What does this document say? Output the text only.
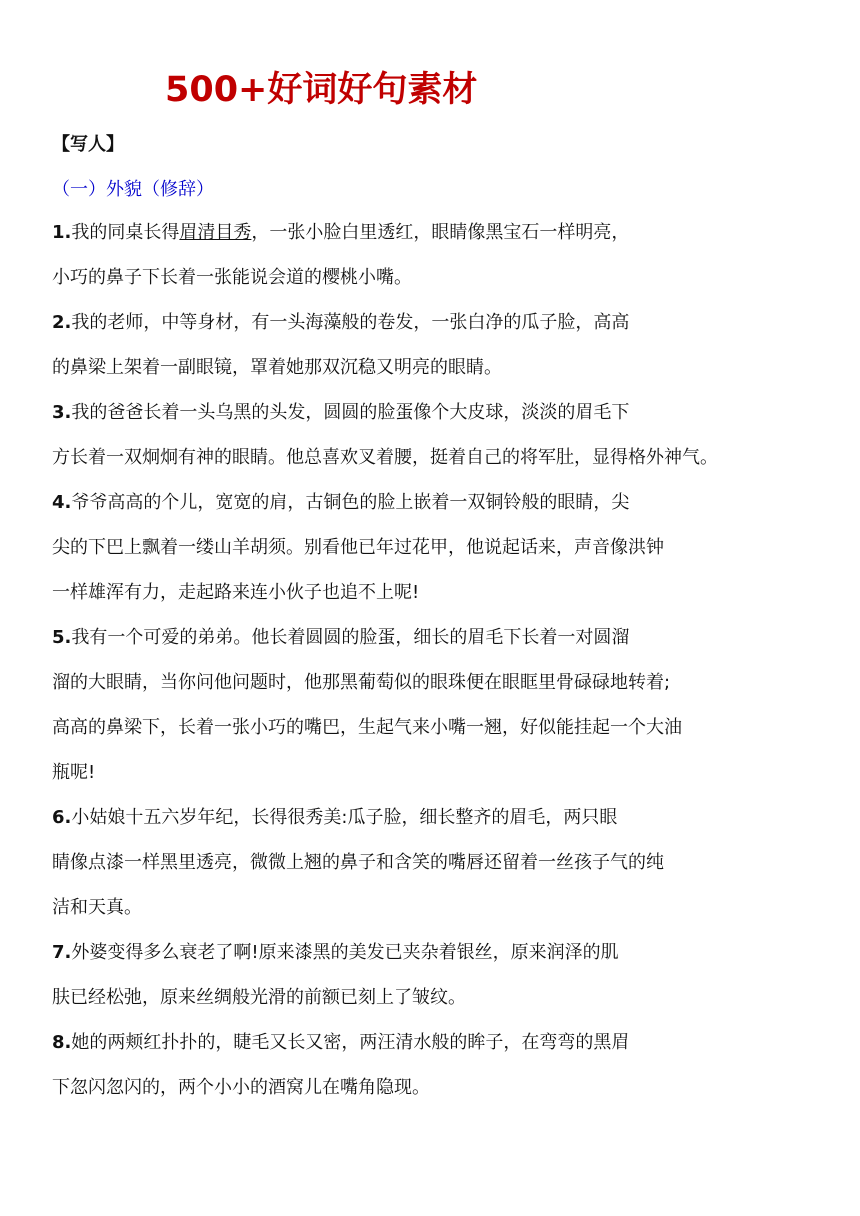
500+好词好句素材
【写人】
（一）外貌（修辞）
1.我的同桌长得眉清目秀，一张小脸白里透红，眼睛像黑宝石一样明亮，
小巧的鼻子下长着一张能说会道的樱桃小嘴。
2.我的老师，中等身材，有一头海藻般的卷发，一张白净的瓜子脸，高高
的鼻梁上架着一副眼镜，罩着她那双沉稳又明亮的眼睛。
3.我的爸爸长着一头乌黑的头发，圆圆的脸蛋像个大皮球，淡淡的眉毛下
方长着一双炯炯有神的眼睛。他总喜欢叉着腰，挺着自己的将军肚，显得格外神气。
4.爷爷高高的个儿，宽宽的肩，古铜色的脸上嵌着一双铜铃般的眼睛，尖
尖的下巴上飘着一缕山羊胡须。别看他已年过花甲，他说起话来，声音像洪钟
一样雄浑有力，走起路来连小伙子也追不上呢!
5.我有一个可爱的弟弟。他长着圆圆的脸蛋，细长的眉毛下长着一对圆溜
溜的大眼睛，当你问他问题时，他那黑葡萄似的眼珠便在眼眶里骨碌碌地转着;
高高的鼻梁下，长着一张小巧的嘴巴，生起气来小嘴一翘，好似能挂起一个大油
瓶呢!
6.小姑娘十五六岁年纪，长得很秀美:瓜子脸，细长整齐的眉毛，两只眼
睛像点漆一样黑里透亮，微微上翘的鼻子和含笑的嘴唇还留着一丝孩子气的纯
洁和天真。
7.外婆变得多么衰老了啊!原来漆黑的美发已夹杂着银丝，原来润泽的肌
肤已经松弛，原来丝绸般光滑的前额已刻上了皱纹。
8.她的两颊红扑扑的，睫毛又长又密，两汪清水般的眸子，在弯弯的黑眉
下忽闪忽闪的，两个小小的酒窝儿在嘴角隐现。
